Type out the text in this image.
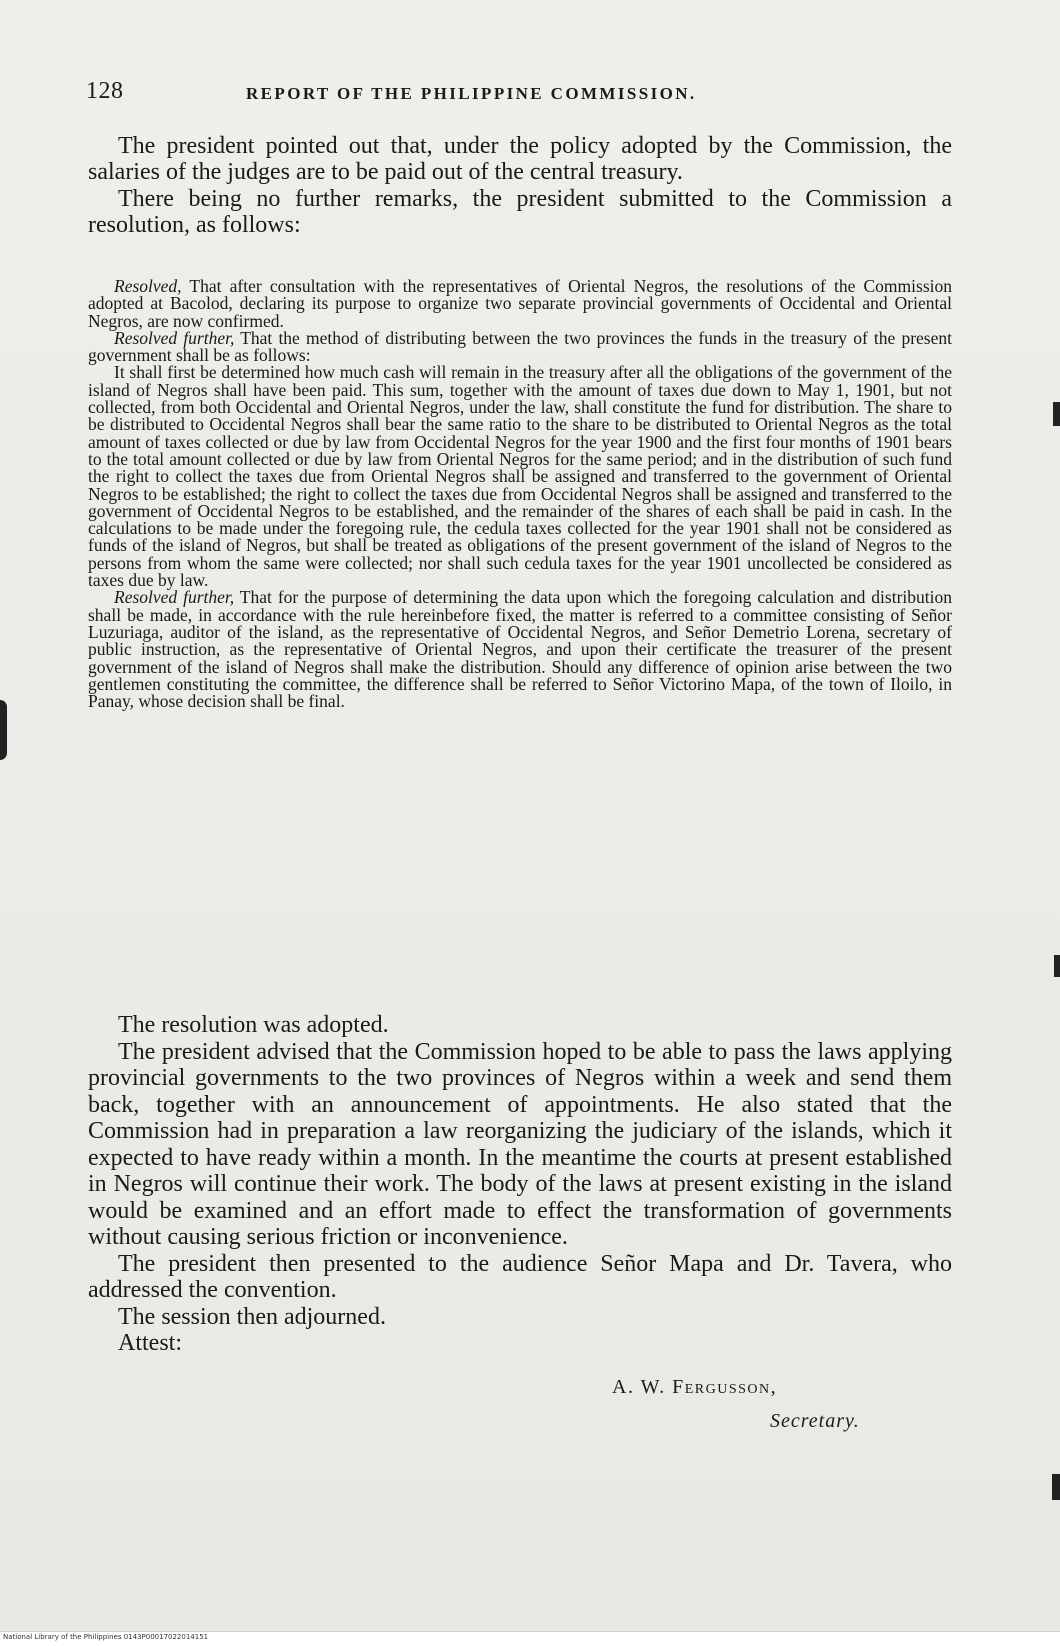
128	REPORT OF THE PHILIPPINE COMMISSION.

The president pointed out that, under the policy adopted by the Commission, the salaries of the judges are to be paid out of the central treasury.

There being no further remarks, the president submitted to the Commission a resolution, as follows:

Resolved, That after consultation with the representatives of Oriental Negros, the resolutions of the Commission adopted at Bacolod, declaring its purpose to organize two separate provincial governments of Occidental and Oriental Negros, are now confirmed.

Resolved further, That the method of distributing between the two provinces the funds in the treasury of the present government shall be as follows:

It shall first be determined how much cash will remain in the treasury after all the obligations of the government of the island of Negros shall have been paid. This sum, together with the amount of taxes due down to May 1, 1901, but not collected, from both Occidental and Oriental Negros, under the law, shall constitute the fund for distribution. The share to be distributed to Occidental Negros shall bear the same ratio to the share to be distributed to Oriental Negros as the total amount of taxes collected or due by law from Occidental Negros for the year 1900 and the first four months of 1901 bears to the total amount collected or due by law from Oriental Negros for the same period; and in the distribution of such fund the right to collect the taxes due from Oriental Negros shall be assigned and transferred to the government of Oriental Negros to be established; the right to collect the taxes due from Occidental Negros shall be assigned and transferred to the government of Occidental Negros to be established, and the remainder of the shares of each shall be paid in cash. In the calculations to be made under the foregoing rule, the cedula taxes collected for the year 1901 shall not be considered as funds of the island of Negros, but shall be treated as obligations of the present government of the island of Negros to the persons from whom the same were collected; nor shall such cedula taxes for the year 1901 uncollected be considered as taxes due by law.

Resolved further, That for the purpose of determining the data upon which the foregoing calculation and distribution shall be made, in accordance with the rule hereinbefore fixed, the matter is referred to a committee consisting of Señor Luzuriaga, auditor of the island, as the representative of Occidental Negros, and Señor Demetrio Lorena, secretary of public instruction, as the representative of Oriental Negros, and upon their certificate the treasurer of the present government of the island of Negros shall make the distribution. Should any difference of opinion arise between the two gentlemen constituting the committee, the difference shall be referred to Señor Victorino Mapa, of the town of Iloilo, in Panay, whose decision shall be final.

The resolution was adopted.

The president advised that the Commission hoped to be able to pass the laws applying provincial governments to the two provinces of Negros within a week and send them back, together with an announcement of appointments. He also stated that the Commission had in preparation a law reorganizing the judiciary of the islands, which it expected to have ready within a month. In the meantime the courts at present established in Negros will continue their work. The body of the laws at present existing in the island would be examined and an effort made to effect the transformation of governments without causing serious friction or inconvenience.

The president then presented to the audience Señor Mapa and Dr. Tavera, who addressed the convention.

The session then adjourned.

Attest:

A. W. Fergusson,
Secretary.
National Library of the Philippines 0143P00017022014151
